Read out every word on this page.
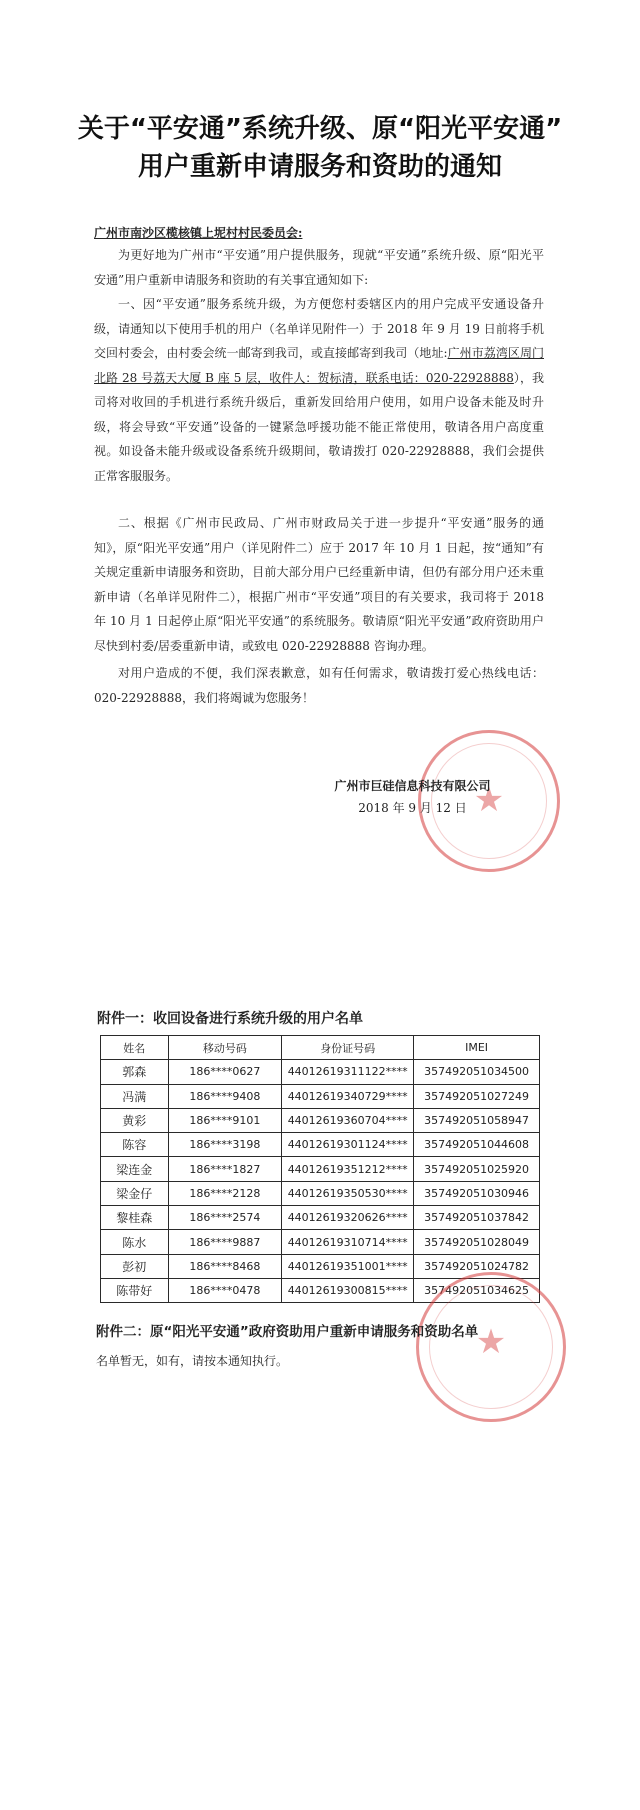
关于“平安通”系统升级、原“阳光平安通”
用户重新申请服务和资助的通知
广州市南沙区榄核镇上坭村村民委员会:
为更好地为广州市“平安通”用户提供服务，现就“平安通”系统升级、原“阳光平安通”用户重新申请服务和资助的有关事宜通知如下:
一、因“平安通”服务系统升级，为方便您村委辖区内的用户完成平安通设备升级，请通知以下使用手机的用户（名单详见附件一）于 2018 年 9 月 19 日前将手机交回村委会，由村委会统一邮寄到我司，或直接邮寄到我司（地址:广州市荔湾区周门北路 28 号荔天大厦 B 座 5 层，收件人：贺标清，联系电话：020-22928888），我司将对收回的手机进行系统升级后，重新发回给用户使用，如用户设备未能及时升级，将会导致“平安通”设备的一键紧急呼援功能不能正常使用，敬请各用户高度重视。如设备未能升级或设备系统升级期间，敬请拨打 020-22928888，我们会提供正常客服服务。
二、根据《广州市民政局、广州市财政局关于进一步提升“平安通”服务的通知》，原“阳光平安通”用户（详见附件二）应于 2017 年 10 月 1 日起，按“通知”有关规定重新申请服务和资助，目前大部分用户已经重新申请，但仍有部分用户还未重新申请（名单详见附件二），根据广州市“平安通”项目的有关要求，我司将于 2018 年 10 月 1 日起停止原“阳光平安通”的系统服务。敬请原“阳光平安通”政府资助用户尽快到村委/居委重新申请，或致电 020-22928888 咨询办理。
对用户造成的不便，我们深表歉意，如有任何需求，敬请拨打爱心热线电话：020-22928888，我们将竭诚为您服务！
★
广州市巨硅信息科技有限公司
2018 年 9 月 12 日
附件一：收回设备进行系统升级的用户名单
姓名	移动号码	身份证号码	IMEI
郭森	186****0627	44012619311122****	357492051034500
冯满	186****9408	44012619340729****	357492051027249
黄彩	186****9101	44012619360704****	357492051058947
陈容	186****3198	44012619301124****	357492051044608
梁连金	186****1827	44012619351212****	357492051025920
梁金仔	186****2128	44012619350530****	357492051030946
黎桂森	186****2574	44012619320626****	357492051037842
陈水	186****9887	44012619310714****	357492051028049
彭初	186****8468	44012619351001****	357492051024782
陈带好	186****0478	44012619300815****	357492051034625
★
附件二：原“阳光平安通”政府资助用户重新申请服务和资助名单
名单暂无，如有，请按本通知执行。
